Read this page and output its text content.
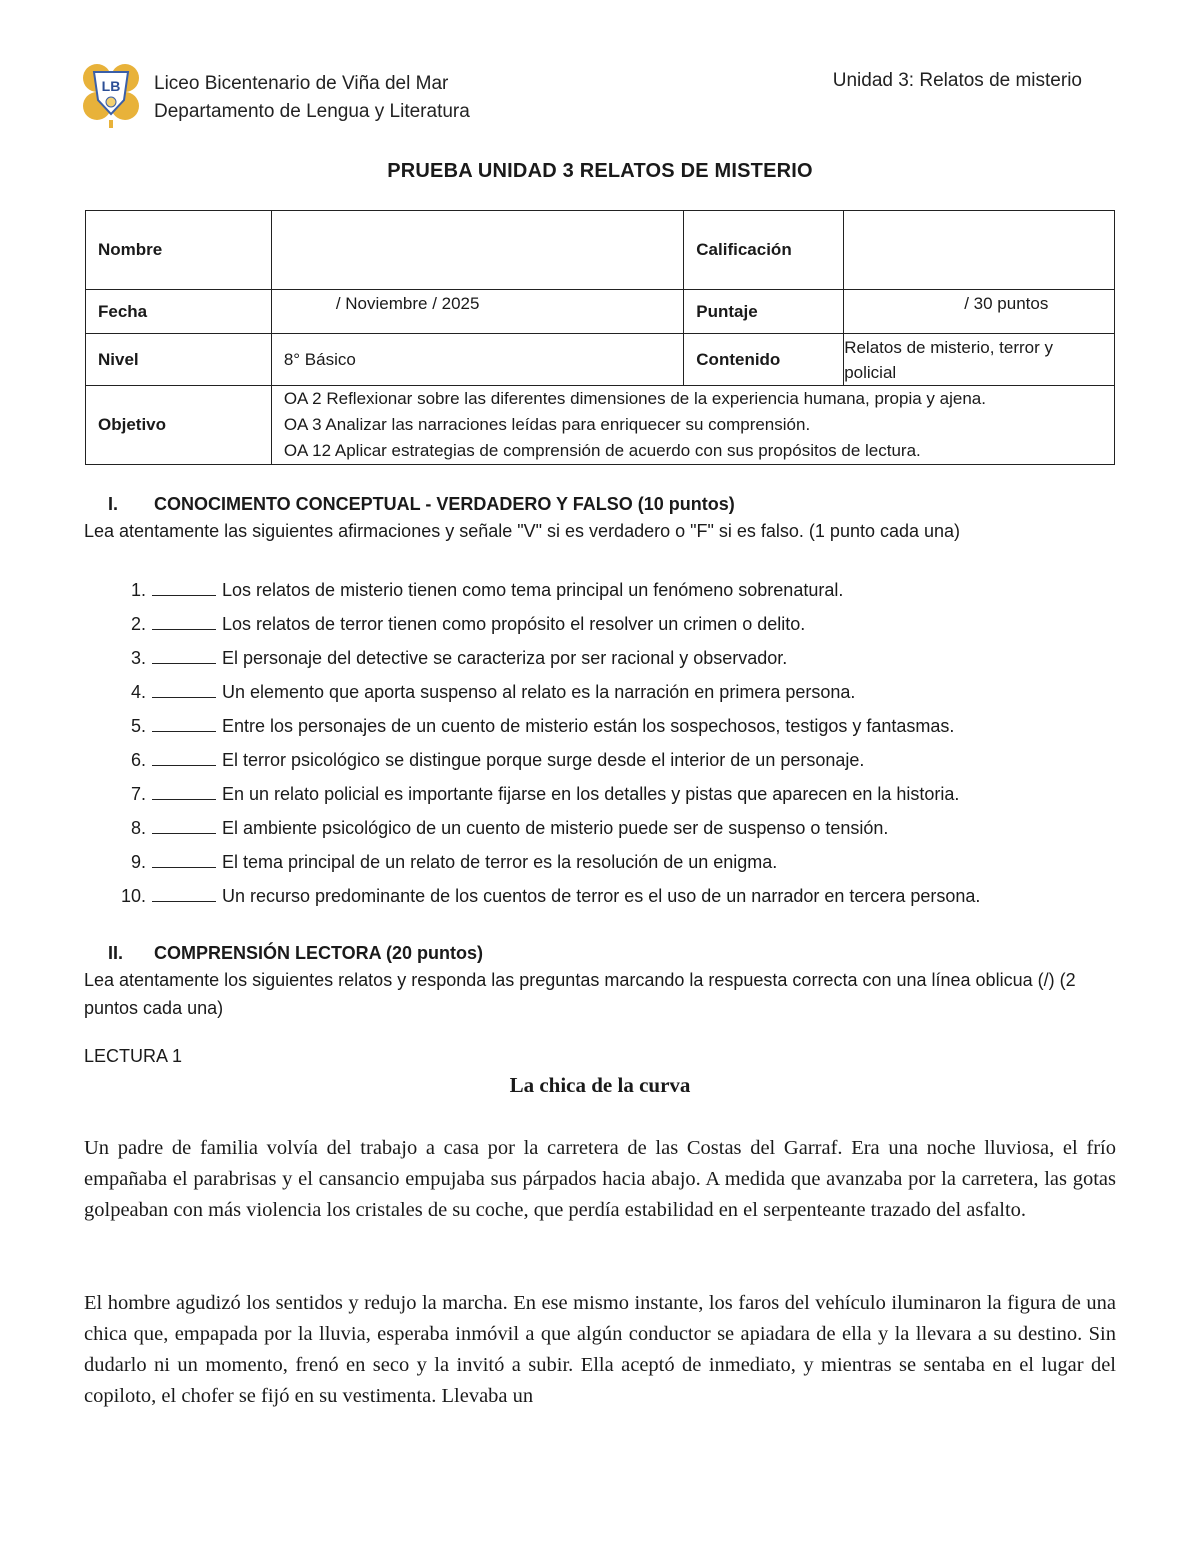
LB Liceo Bicentenario de Viña del Mar
Departamento de Lengua y Literatura
Unidad 3: Relatos de misterio
PRUEBA UNIDAD 3 RELATOS DE MISTERIO
Nombre		Calificación	
Fecha	/ Noviembre / 2025	Puntaje	/ 30 puntos
Nivel	8° Básico	Contenido	Relatos de misterio, terror y policial
Objetivo	OA 2 Reflexionar sobre las diferentes dimensiones de la experiencia humana, propia y ajena.
OA 3 Analizar las narraciones leídas para enriquecer su comprensión.
OA 12 Aplicar estrategias de comprensión de acuerdo con sus propósitos de lectura.		
I.	CONOCIMENTO CONCEPTUAL - VERDADERO Y FALSO (10 puntos)
Lea atentamente las siguientes afirmaciones y señale "V" si es verdadero o "F" si es falso. (1 punto cada una)
1.	Los relatos de misterio tienen como tema principal un fenómeno sobrenatural.
2.	Los relatos de terror tienen como propósito el resolver un crimen o delito.
3.	El personaje del detective se caracteriza por ser racional y observador.
4.	Un elemento que aporta suspenso al relato es la narración en primera persona.
5.	Entre los personajes de un cuento de misterio están los sospechosos, testigos y fantasmas.
6.	El terror psicológico se distingue porque surge desde el interior de un personaje.
7.	En un relato policial es importante fijarse en los detalles y pistas que aparecen en la historia.
8.	El ambiente psicológico de un cuento de misterio puede ser de suspenso o tensión.
9.	El tema principal de un relato de terror es la resolución de un enigma.
10.	Un recurso predominante de los cuentos de terror es el uso de un narrador en tercera persona.
II.	COMPRENSIÓN LECTORA (20 puntos)
Lea atentamente los siguientes relatos y responda las preguntas marcando la respuesta correcta con una línea oblicua (/) (2 puntos cada una)
LECTURA 1
La chica de la curva
Un padre de familia volvía del trabajo a casa por la carretera de las Costas del Garraf. Era una noche lluviosa, el frío empañaba el parabrisas y el cansancio empujaba sus párpados hacia abajo. A medida que avanzaba por la carretera, las gotas golpeaban con más violencia los cristales de su coche, que perdía estabilidad en el serpenteante trazado del asfalto.
El hombre agudizó los sentidos y redujo la marcha. En ese mismo instante, los faros del vehículo iluminaron la figura de una chica que, empapada por la lluvia, esperaba inmóvil a que algún conductor se apiadara de ella y la llevara a su destino. Sin dudarlo ni un momento, frenó en seco y la invitó a subir. Ella aceptó de inmediato, y mientras se sentaba en el lugar del copiloto, el chofer se fijó en su vestimenta. Llevaba un
